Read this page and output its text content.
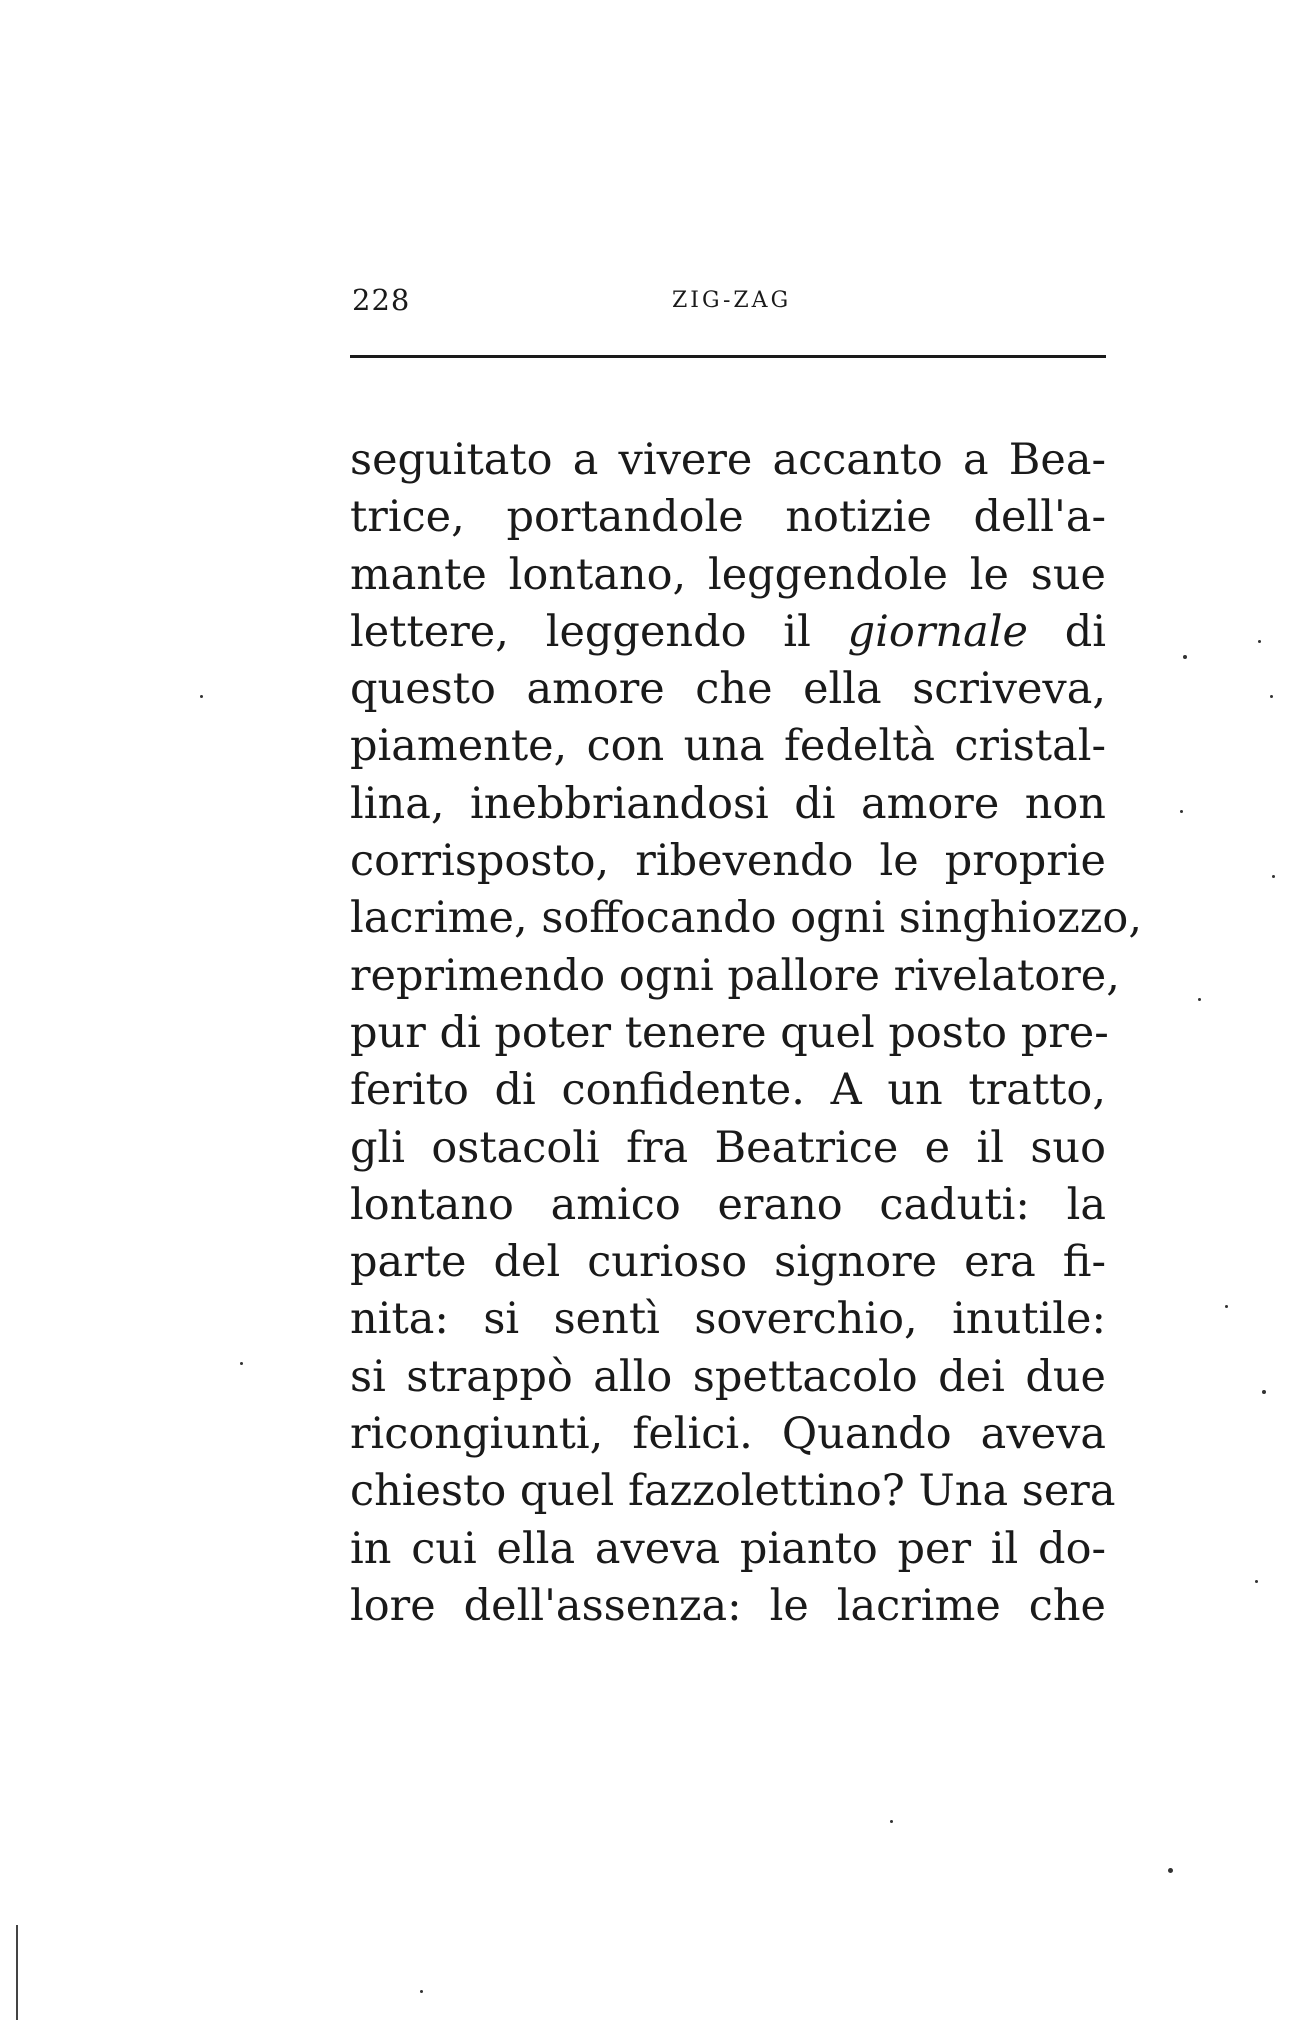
228	ZIG-ZAG
seguitato a vivere accanto a Bea-
trice, portandole notizie dell'a-
mante lontano, leggendole le sue
lettere, leggendo il giornale di
questo amore che ella scriveva,
piamente, con una fedeltà cristal-
lina, inebbriandosi di amore non
corrisposto, ribevendo le proprie
lacrime, soffocando ogni singhiozzo,
reprimendo ogni pallore rivelatore,
pur di poter tenere quel posto pre-
ferito di confidente. A un tratto,
gli ostacoli fra Beatrice e il suo
lontano amico erano caduti: la
parte del curioso signore era fi-
nita: si sentì soverchio, inutile:
si strappò allo spettacolo dei due
ricongiunti, felici. Quando aveva
chiesto quel fazzolettino? Una sera
in cui ella aveva pianto per il do-
lore dell'assenza: le lacrime che
